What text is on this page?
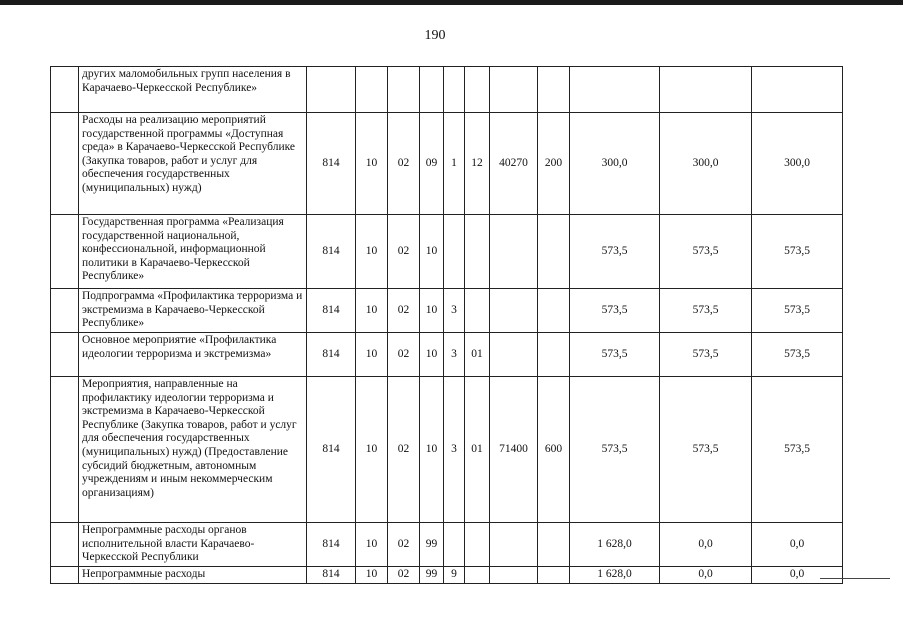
190
	других маломобильных групп населения в Карачаево-Черкесской Республике»											
	Расходы на реализацию мероприятий государственной программы «Доступная среда» в Карачаево-Черкесской Республике (Закупка товаров, работ и услуг для обеспечения государственных (муниципальных) нужд)	814	10	02	09	1	12	40270	200	300,0	300,0	300,0
	Государственная программа «Реализация государственной национальной, конфессиональной, информационной политики в Карачаево-Черкесской Республике»	814	10	02	10					573,5	573,5	573,5
	Подпрограмма «Профилактика терроризма и экстремизма в Карачаево-Черкесской Республике»	814	10	02	10	3				573,5	573,5	573,5
	Основное мероприятие «Профилактика идеологии терроризма и экстремизма»	814	10	02	10	3	01			573,5	573,5	573,5
	Мероприятия, направленные на профилактику идеологии терроризма и экстремизма в Карачаево-Черкесской Республике (Закупка товаров, работ и услуг для обеспечения государственных (муниципальных) нужд) (Предоставление субсидий бюджетным, автономным учреждениям и иным некоммерческим организациям)	814	10	02	10	3	01	71400	600	573,5	573,5	573,5
	Непрограммные расходы органов исполнительной власти Карачаево-Черкесской Республики	814	10	02	99					1 628,0	0,0	0,0
	Непрограммные расходы	814	10	02	99	9				1 628,0	0,0	0,0
